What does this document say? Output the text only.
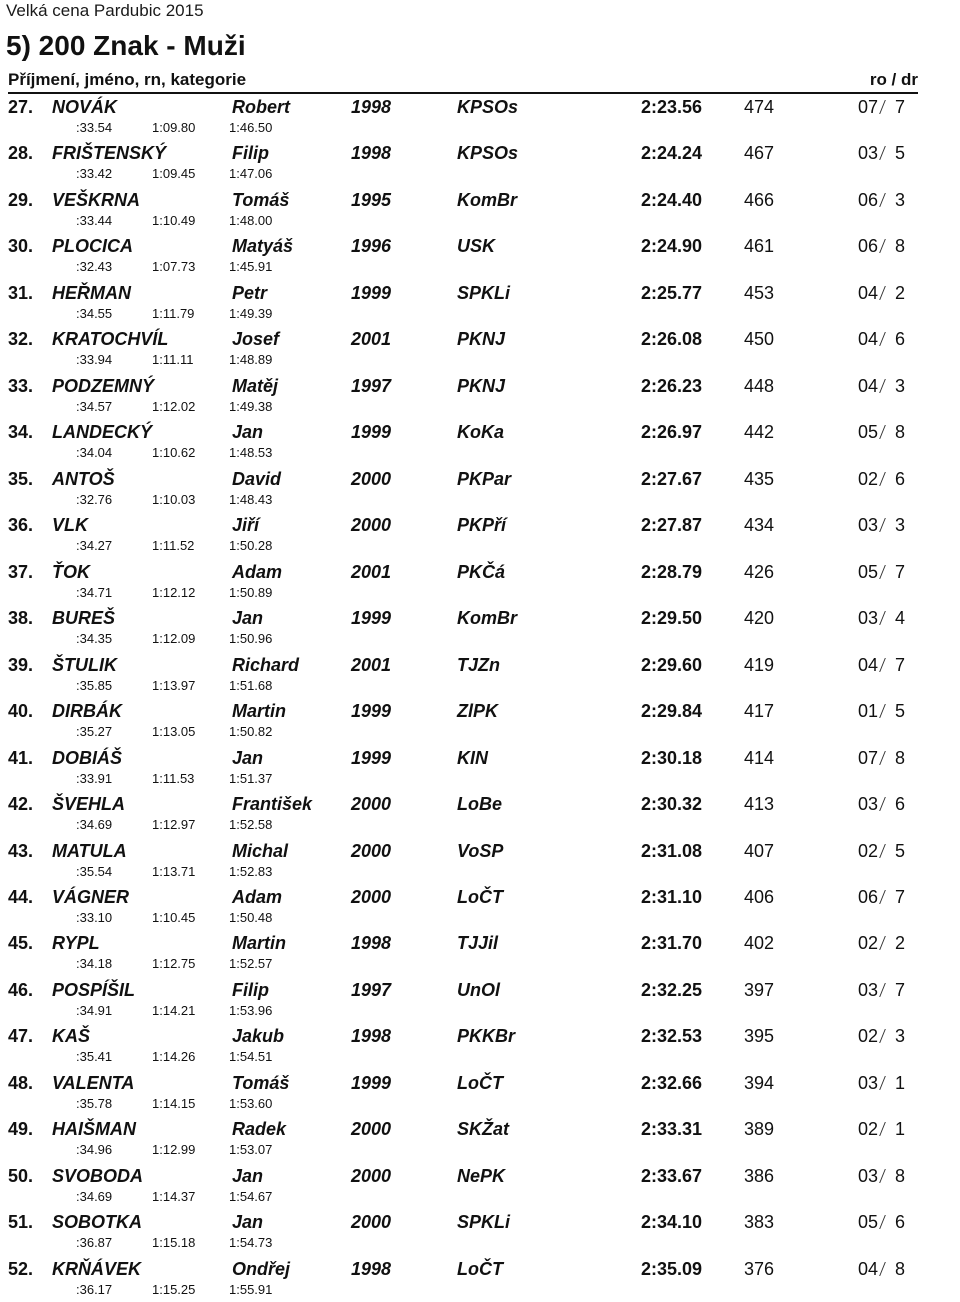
Velká cena Pardubic 2015
5) 200 Znak - Muži
Příjmení, jméno, rn, kategorie	ro / dr
27. NOVÁK	Robert	1998	KPSOs	2:23.56 474	07 7
:33.54	1:09.80	1:46.50
28. FRIŠTENSKÝ	Filip	1998	KPSOs	2:24.24 467	03 5
:33.42	1:09.45	1:47.06
29. VEŠKRNA	Tomáš	1995	KomBr	2:24.40 466	06 3
:33.44	1:10.49	1:48.00
30. PLOCICA	Matyáš	1996	USK	2:24.90 461	06 8
:32.43	1:07.73	1:45.91
31. HEŘMAN	Petr	1999	SPKLi	2:25.77 453	04 2
:34.55	1:11.79	1:49.39
32. KRATOCHVÍL	Josef	2001	PKNJ	2:26.08 450	04 6
:33.94	1:11.11	1:48.89
33. PODZEMNÝ	Matěj	1997	PKNJ	2:26.23 448	04 3
:34.57	1:12.02	1:49.38
34. LANDECKÝ	Jan	1999	KoKa	2:26.97 442	05 8
:34.04	1:10.62	1:48.53
35. ANTOŠ	David	2000	PKPar	2:27.67 435	02 6
:32.76	1:10.03	1:48.43
36. VLK	Jiří	2000	PKPří	2:27.87 434	03 3
:34.27	1:11.52	1:50.28
37. ŤOK	Adam	2001	PKČá	2:28.79 426	05 7
:34.71	1:12.12	1:50.89
38. BUREŠ	Jan	1999	KomBr	2:29.50 420	03 4
:34.35	1:12.09	1:50.96
39. ŠTULIK	Richard	2001	TJZn	2:29.60 419	04 7
:35.85	1:13.97	1:51.68
40. DIRBÁK	Martin	1999	ZlPK	2:29.84 417	01 5
:35.27	1:13.05	1:50.82
41. DOBIÁŠ	Jan	1999	KIN	2:30.18 414	07 8
:33.91	1:11.53	1:51.37
42. ŠVEHLA	František 2000	LoBe	2:30.32 413	03 6
:34.69	1:12.97	1:52.58
43. MATULA	Michal	2000	VoSP	2:31.08 407	02 5
:35.54	1:13.71	1:52.83
44. VÁGNER	Adam	2000	LoČT	2:31.10 406	06 7
:33.10	1:10.45	1:50.48
45. RYPL	Martin	1998	TJJil	2:31.70 402	02 2
:34.18	1:12.75	1:52.57
46. POSPÍŠIL	Filip	1997	UnOl	2:32.25 397	03 7
:34.91	1:14.21	1:53.96
47. KAŠ	Jakub	1998	PKKBr	2:32.53 395	02 3
:35.41	1:14.26	1:54.51
48. VALENTA	Tomáš	1999	LoČT	2:32.66 394	03 1
:35.78	1:14.15	1:53.60
49. HAIŠMAN	Radek	2000	SKŽat	2:33.31 389	02 1
:34.96	1:12.99	1:53.07
50. SVOBODA	Jan	2000	NePK	2:33.67 386	03 8
:34.69	1:14.37	1:54.67
51. SOBOTKA	Jan	2000	SPKLi	2:34.10 383	05 6
:36.87	1:15.18	1:54.73
52. KRŇÁVEK	Ondřej	1998	LoČT	2:35.09 376	04 8
:36.17	1:15.25	1:55.91
